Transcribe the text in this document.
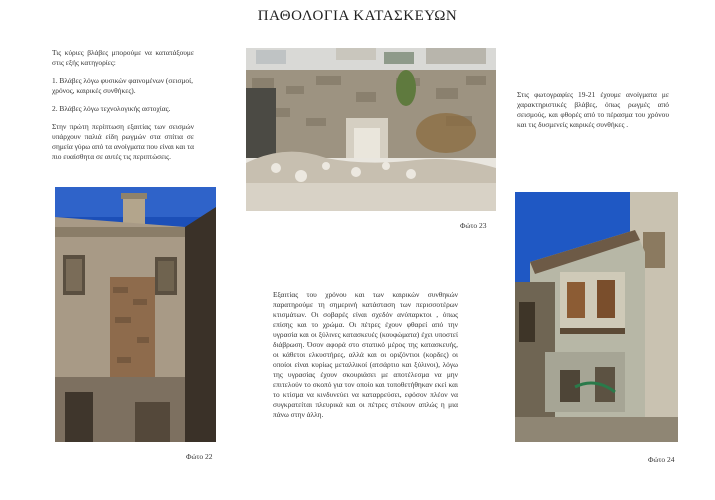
ΠΑΘΟΛΟΓΙΑ ΚΑΤΑΣΚΕΥΩΝ

Τις κύριες βλάβες μπορούμε να κατατάξουμε στις εξής κατηγορίες:

1. Βλάβες λόγω φυσικών φαινομένων (σεισμοί, χρόνος, καιρικές συνθήκες).
2. Βλάβες λόγω τεχνολογικής αστοχίας.

Στην πρώτη περίπτωση εξαιτίας των σεισμών υπάρχουν παλιά είδη ρωγμών στα σπίτια σε σημεία γύρω από τα ανοίγματα που είναι και τα πιο ευαίσθητα σε αυτές τις περιπτώσεις.

Στις φωτογραφίες 19-21 έχουμε ανοίγματα με χαρακτηριστικές βλάβες, όπως ρωγμές από σεισμούς, και φθορές από το πέρασμα του χρόνου και τις δυσμενείς καιρικές συνθήκες .

Εξαιτίας του χρόνου και των καιρικών συνθηκών παρατηρούμε τη σημερινή κατάσταση των περισσοτέρων κτισμάτων. Οι σοβαρές είναι σχεδόν ανύπαρκτοι , όπως επίσης και το χρώμα. Οι πέτρες έχουν φθαρεί από την υγρασία και οι ξύλινες κατασκευές (κουφώματα) έχει υποστεί διάβρωση. Όσον αφορά στο στατικό μέρος της κατασκευής, οι κάθετοι ελκυστήρες, αλλά και οι οριζόντιοι (κορδες) οι οποίοι είναι κυρίως μεταλλικοί (ατσάρτιο και ξύλινοι), λόγω της υγρασίας έχουν σκουριάσει με αποτέλεσμα να μην επιτελούν το σκοπό για τον οποίο και τοποθετήθηκαν εκεί και το κτίσμα να κινδυνεύει να καταρρεύσει, εφόσον πλέον να συγκρατείται πλευρικά και οι πέτρες στέκουν απλώς η μια πάνω στην άλλη.

Φώτο 23
Φώτο 22	Φώτο 24
